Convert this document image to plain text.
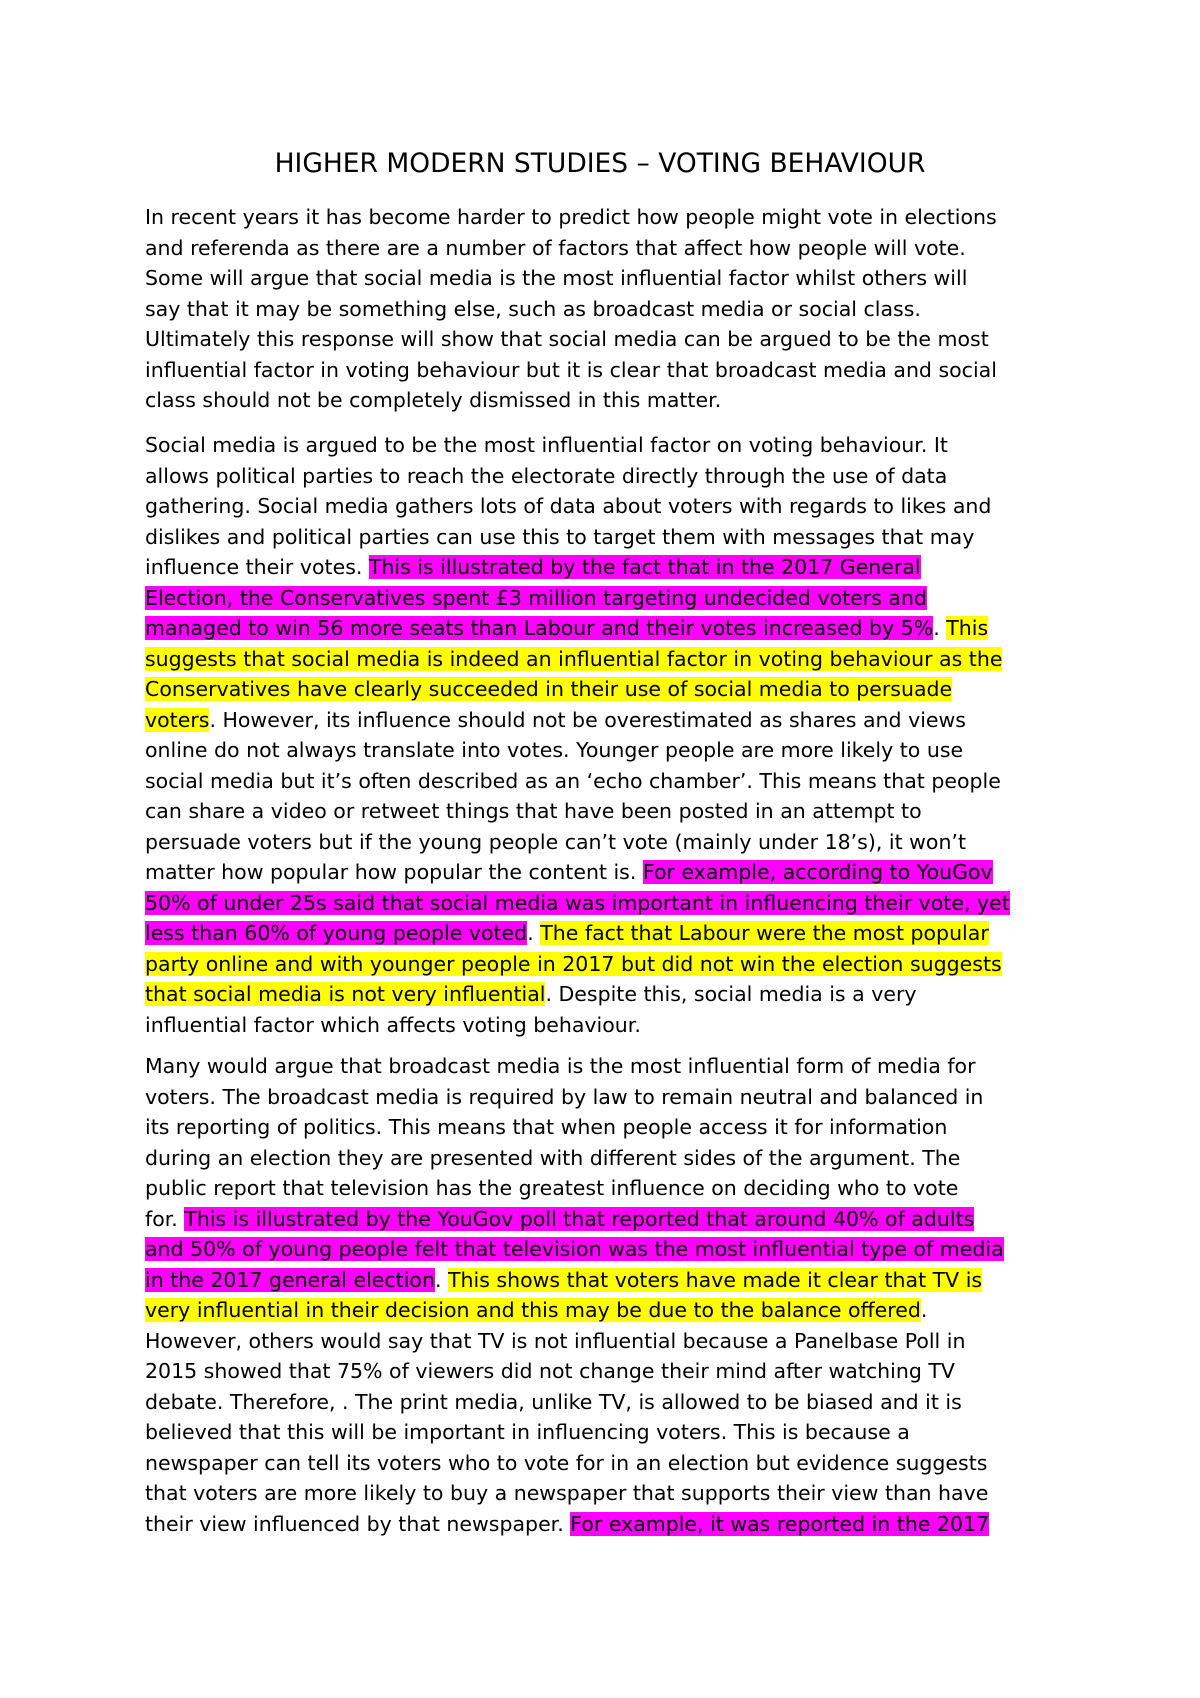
HIGHER MODERN STUDIES – VOTING BEHAVIOUR
In recent years it has become harder to predict how people might vote in elections
and referenda as there are a number of factors that affect how people will vote.
Some will argue that social media is the most influential factor whilst others will
say that it may be something else, such as broadcast media or social class.
Ultimately this response will show that social media can be argued to be the most
influential factor in voting behaviour but it is clear that broadcast media and social
class should not be completely dismissed in this matter.
Social media is argued to be the most influential factor on voting behaviour. It
allows political parties to reach the electorate directly through the use of data
gathering. Social media gathers lots of data about voters with regards to likes and
dislikes and political parties can use this to target them with messages that may
influence their votes. This is illustrated by the fact that in the 2017 General
Election, the Conservatives spent £3 million targeting undecided voters and
managed to win 56 more seats than Labour and their votes increased by 5%. This
suggests that social media is indeed an influential factor in voting behaviour as the
Conservatives have clearly succeeded in their use of social media to persuade
voters. However, its influence should not be overestimated as shares and views
online do not always translate into votes. Younger people are more likely to use
social media but it’s often described as an ‘echo chamber’. This means that people
can share a video or retweet things that have been posted in an attempt to
persuade voters but if the young people can’t vote (mainly under 18’s), it won’t
matter how popular how popular the content is. For example, according to YouGov
50% of under 25s said that social media was important in influencing their vote, yet
less than 60% of young people voted. The fact that Labour were the most popular
party online and with younger people in 2017 but did not win the election suggests
that social media is not very influential. Despite this, social media is a very
influential factor which affects voting behaviour.
Many would argue that broadcast media is the most influential form of media for
voters. The broadcast media is required by law to remain neutral and balanced in
its reporting of politics. This means that when people access it for information
during an election they are presented with different sides of the argument. The
public report that television has the greatest influence on deciding who to vote
for. This is illustrated by the YouGov poll that reported that around 40% of adults
and 50% of young people felt that television was the most influential type of media
in the 2017 general election. This shows that voters have made it clear that TV is
very influential in their decision and this may be due to the balance offered.
However, others would say that TV is not influential because a Panelbase Poll in
2015 showed that 75% of viewers did not change their mind after watching TV
debate. Therefore, . The print media, unlike TV, is allowed to be biased and it is
believed that this will be important in influencing voters. This is because a
newspaper can tell its voters who to vote for in an election but evidence suggests
that voters are more likely to buy a newspaper that supports their view than have
their view influenced by that newspaper. For example, it was reported in the 2017
